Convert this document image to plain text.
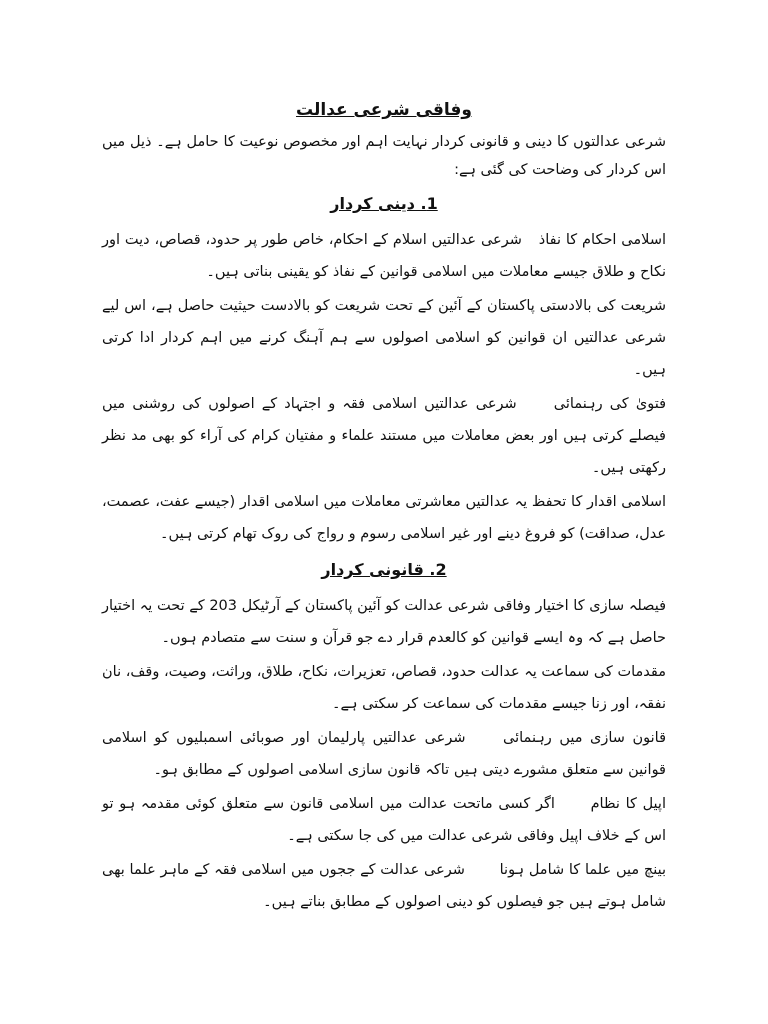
وفاقی شرعی عدالت

شرعی عدالتوں کا دینی و قانونی کردار نہایت اہم اور مخصوص نوعیت کا حامل ہے۔ ذیل میں اس کردار کی وضاحت کی گئی ہے:

1. دینی کردار

اسلامی احکام کا نفاذ شرعی عدالتیں اسلام کے احکام، خاص طور پر حدود، قصاص، دیت اور نکاح و طلاق جیسے معاملات میں اسلامی قوانین کے نفاذ کو یقینی بناتی ہیں۔

شریعت کی بالادستی پاکستان کے آئین کے تحت شریعت کو بالادست حیثیت حاصل ہے، اس لیے شرعی عدالتیں ان قوانین کو اسلامی اصولوں سے ہم آہنگ کرنے میں اہم کردار ادا کرتی ہیں۔

فتویٰ کی رہنمائی شرعی عدالتیں اسلامی فقہ و اجتہاد کے اصولوں کی روشنی میں فیصلے کرتی ہیں اور بعض معاملات میں مستند علماء و مفتیان کرام کی آراء کو بھی مد نظر رکھتی ہیں۔

اسلامی اقدار کا تحفظ یہ عدالتیں معاشرتی معاملات میں اسلامی اقدار (جیسے عفت، عصمت، عدل، صداقت) کو فروغ دینے اور غیر اسلامی رسوم و رواج کی روک تھام کرتی ہیں۔

2. قانونی کردار

فیصلہ سازی کا اختیار وفاقی شرعی عدالت کو آئین پاکستان کے آرٹیکل 203 کے تحت یہ اختیار حاصل ہے کہ وہ ایسے قوانین کو کالعدم قرار دے جو قرآن و سنت سے متصادم ہوں۔

مقدمات کی سماعت یہ عدالت حدود، قصاص، تعزیرات، نکاح، طلاق، وراثت، وصیت، وقف، نان نفقہ، اور زنا جیسے مقدمات کی سماعت کر سکتی ہے۔

قانون سازی میں رہنمائی شرعی عدالتیں پارلیمان اور صوبائی اسمبلیوں کو اسلامی قوانین سے متعلق مشورے دیتی ہیں تاکہ قانون سازی اسلامی اصولوں کے مطابق ہو۔

اپیل کا نظام اگر کسی ماتحت عدالت میں اسلامی قانون سے متعلق کوئی مقدمہ ہو تو اس کے خلاف اپیل وفاقی شرعی عدالت میں کی جا سکتی ہے۔

بینچ میں علما کا شامل ہونا شرعی عدالت کے ججوں میں اسلامی فقہ کے ماہر علما بھی شامل ہوتے ہیں جو فیصلوں کو دینی اصولوں کے مطابق بناتے ہیں۔
